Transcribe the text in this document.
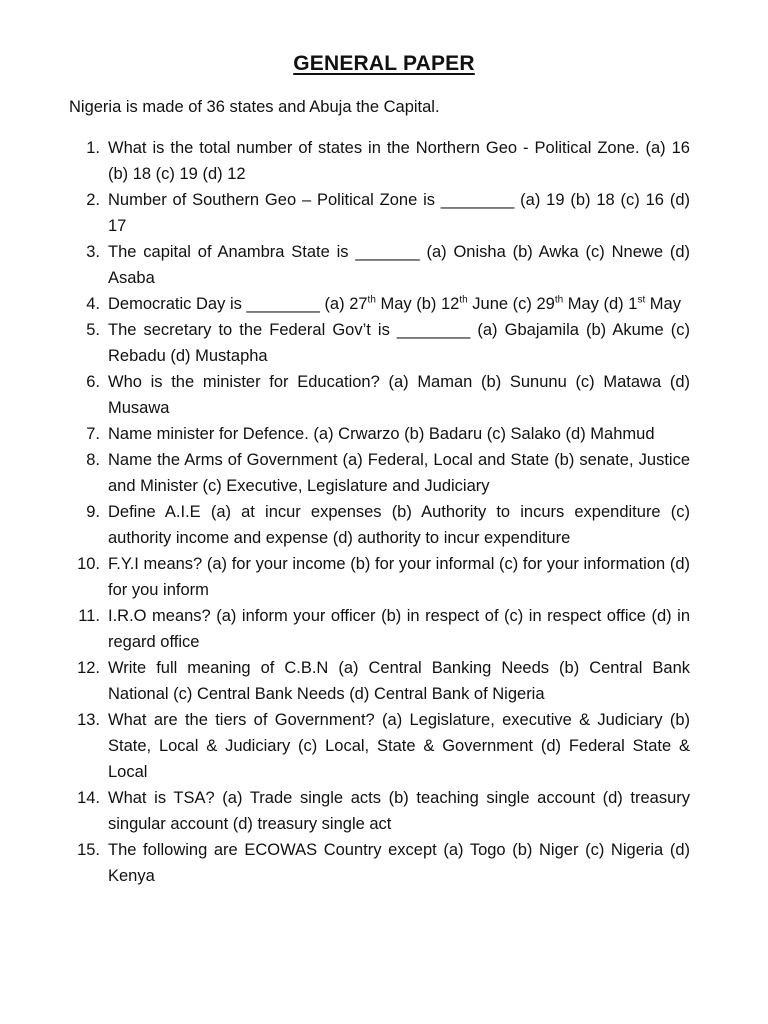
GENERAL PAPER
Nigeria is made of 36 states and Abuja the Capital.
1. What is the total number of states in the Northern Geo - Political Zone. (a) 16 (b) 18 (c) 19 (d) 12
2. Number of Southern Geo – Political Zone is ________ (a) 19 (b) 18 (c) 16 (d) 17
3. The capital of Anambra State is _______ (a) Onisha (b) Awka (c) Nnewe (d) Asaba
4. Democratic Day is ________ (a) 27th May (b) 12th June (c) 29th May (d) 1st May
5. The secretary to the Federal Gov’t is ________ (a) Gbajamila (b) Akume (c) Rebadu (d) Mustapha
6. Who is the minister for Education? (a) Maman (b) Sununu (c) Matawa (d) Musawa
7. Name minister for Defence. (a) Crwarzo (b) Badaru (c) Salako (d) Mahmud
8. Name the Arms of Government (a) Federal, Local and State (b) senate, Justice and Minister (c) Executive, Legislature and Judiciary
9. Define A.I.E (a) at incur expenses (b) Authority to incurs expenditure (c) authority income and expense (d) authority to incur expenditure
10. F.Y.I means? (a) for your income (b) for your informal (c) for your information (d) for you inform
11. I.R.O means? (a) inform your officer (b) in respect of (c) in respect office (d) in regard office
12. Write full meaning of C.B.N (a) Central Banking Needs (b) Central Bank National (c) Central Bank Needs (d) Central Bank of Nigeria
13. What are the tiers of Government? (a) Legislature, executive & Judiciary (b) State, Local & Judiciary (c) Local, State & Government (d) Federal State & Local
14. What is TSA? (a) Trade single acts (b) teaching single account (d) treasury singular account (d) treasury single act
15. The following are ECOWAS Country except (a) Togo (b) Niger (c) Nigeria (d) Kenya
